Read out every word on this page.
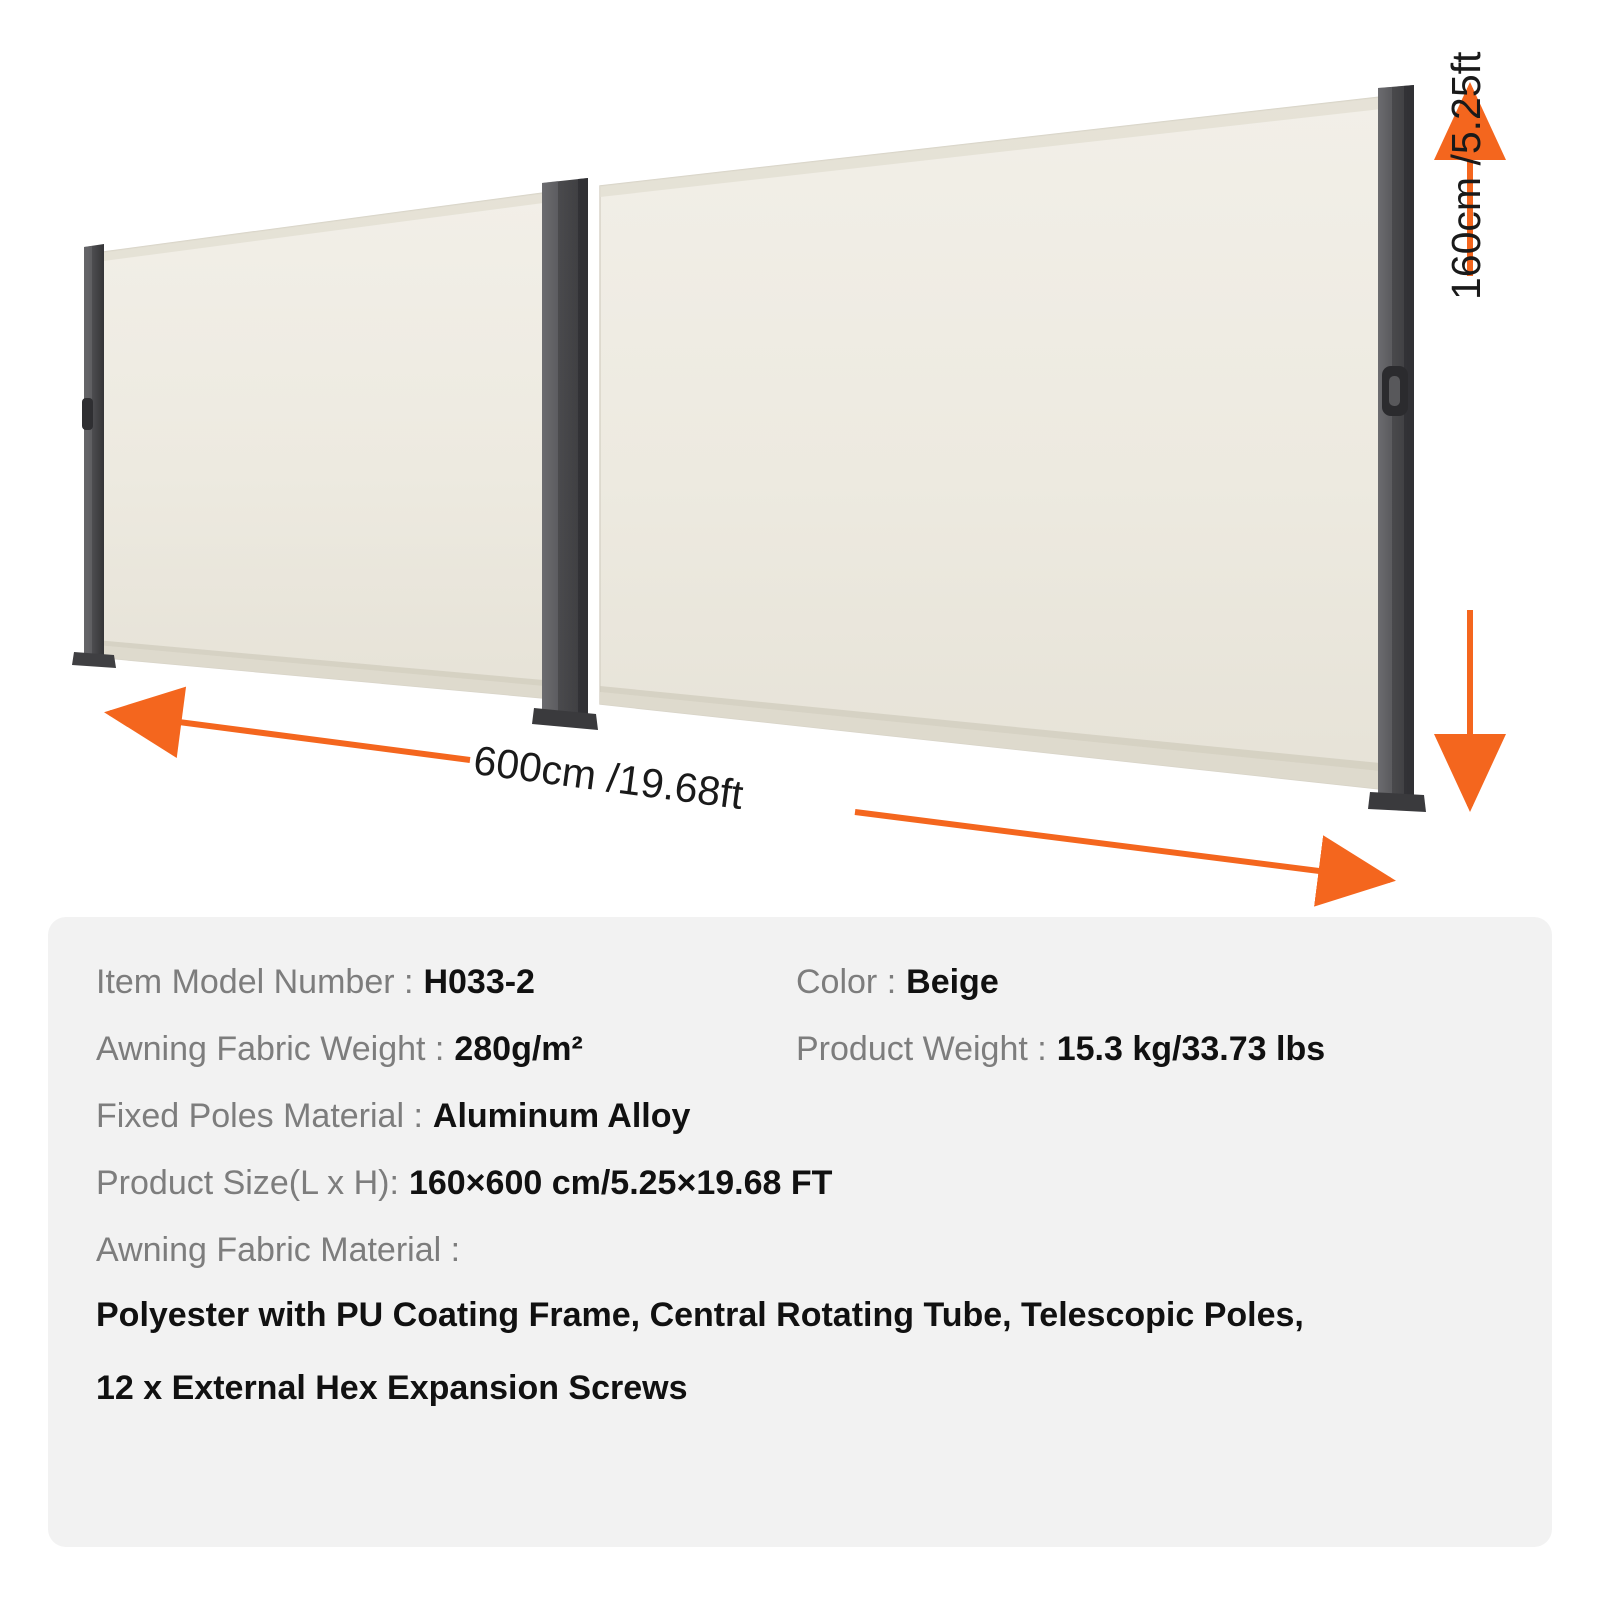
600cm /19.68ft
160cm /5.25ft
Item Model Number : H033-2	Color : Beige
Awning Fabric Weight : 280g/m²	Product Weight : 15.3 kg/33.73 lbs
Fixed Poles Material : Aluminum Alloy
Product Size(L x H): 160×600 cm/5.25×19.68 FT
Awning Fabric Material :
Polyester with PU Coating Frame, Central Rotating Tube, Telescopic Poles,
12 x External Hex Expansion Screws
